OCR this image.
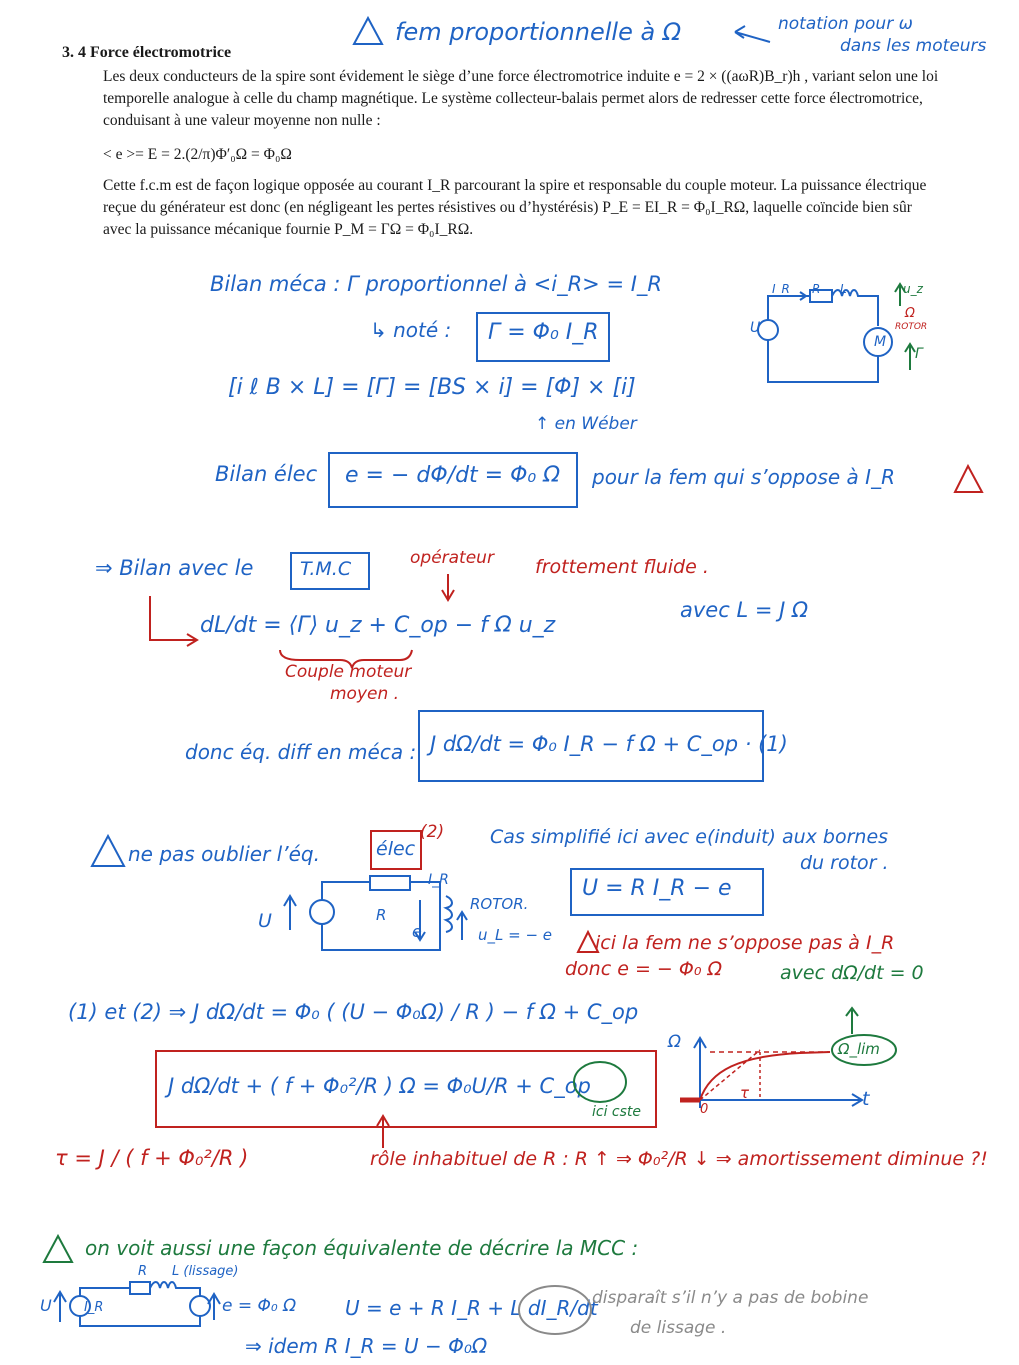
3. 4 Force électromotrice
Les deux conducteurs de la spire sont évidement le siège d’une force électromotrice induite e = 2 × ((aωR)B_r)h , variant selon une loi temporelle analogue à celle du champ magnétique. Le système collecteur-balais permet alors de redresser cette force électromotrice, conduisant à une valeur moyenne non nulle :
< e >= E = 2.(2/π)Φ′₀Ω = Φ₀Ω
Cette f.c.m est de façon logique opposée au courant I_R parcourant la spire et responsable du couple moteur. La puissance électrique reçue du générateur est donc (en négligeant les pertes résistives ou d’hystérésis) P_E = EI_R = Φ₀I_RΩ, laquelle coïncide bien sûr avec la puissance mécanique fournie P_M = ΓΩ = Φ₀I_RΩ.
fem proportionnelle à Ω	notation pour ω
dans les moteurs
Bilan méca : Γ proportionnel à <i_R> = I_R
↳ noté : Γ = Φ₀ I_R
[i ℓ B × L] = [Γ] = [BS × i] = [Φ] × [i]
↑ en Wéber
Bilan élec e = − dΦ/dt = Φ₀ Ω pour la fem qui s’oppose à I_R
⇒ Bilan avec le T.M.C	opérateur frottement fluide .
dL/dt = ⟨Γ⟩ u_z + C_op − f Ω u_z
avec L = J Ω
Couple moteur
moyen .
donc éq. diff en méca : J dΩ/dt = Φ₀ I_R − f Ω + C_op · (1)
ne pas oublier l’éq.	élec
(2) Cas simplifié ici avec e(induit) aux bornes
du rotor .
U = R I_R − e
ici la fem ne s’oppose pas à I_R
donc e = − Φ₀ Ω	avec dΩ/dt = 0
(1) et (2) ⇒ J dΩ/dt = Φ₀ ( (U − Φ₀Ω) / R ) − f Ω + C_op
J dΩ/dt + ( f + Φ₀²/R ) Ω = Φ₀U/R + C_op
ici cste
τ = J / ( f + Φ₀²/R )	rôle inhabituel de R : R ↑ ⇒ Φ₀²/R ↓ ⇒ amortissement diminue ?!
on voit aussi une façon équivalente de décrire la MCC :
U = e + R I_R + L dI_R/dt
disparaît s’il n’y a pas de bobine
de lissage .
⇒ idem R I_R = U − Φ₀Ω
e = Φ₀ Ω
I_R R L
U
Ω
ROTOR
M
u_z
Γ
U	R
I_R
e
ROTOR.
u_L = − e
U
R L (lissage)
I_R
Ω
t
τ
0
Ω_lim
